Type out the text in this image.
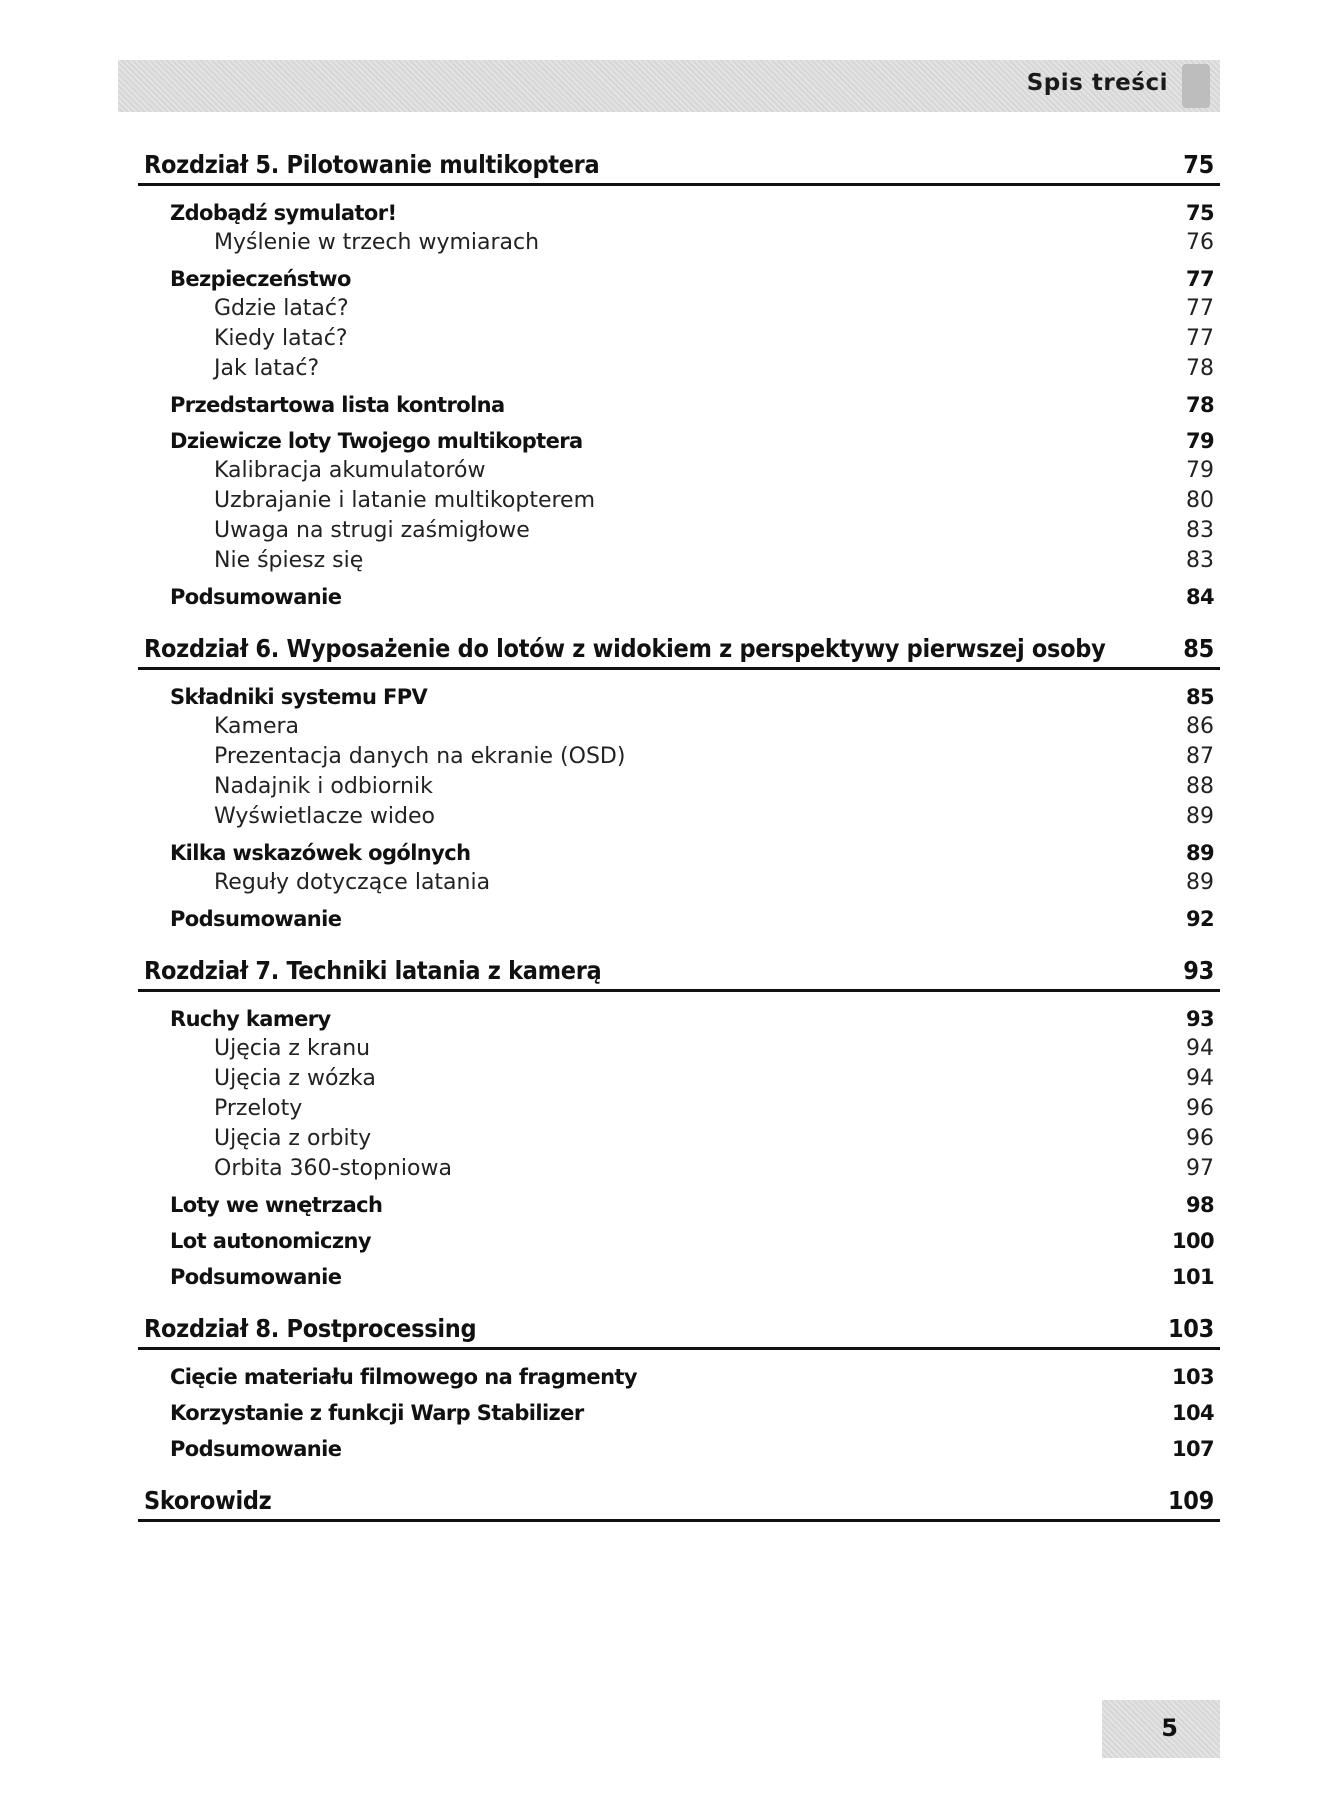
Spis treści
Rozdział 5. Pilotowanie multikoptera	75
Zdobądź symulator!	75
Myślenie w trzech wymiarach	76
Bezpieczeństwo	77
Gdzie latać?	77
Kiedy latać?	77
Jak latać?	78
Przedstartowa lista kontrolna	78
Dziewicze loty Twojego multikoptera	79
Kalibracja akumulatorów	79
Uzbrajanie i latanie multikopterem	80
Uwaga na strugi zaśmigłowe	83
Nie śpiesz się	83
Podsumowanie	84
Rozdział 6. Wyposażenie do lotów z widokiem z perspektywy pierwszej osoby	85
Składniki systemu FPV	85
Kamera	86
Prezentacja danych na ekranie (OSD)	87
Nadajnik i odbiornik	88
Wyświetlacze wideo	89
Kilka wskazówek ogólnych	89
Reguły dotyczące latania	89
Podsumowanie	92
Rozdział 7. Techniki latania z kamerą	93
Ruchy kamery	93
Ujęcia z kranu	94
Ujęcia z wózka	94
Przeloty	96
Ujęcia z orbity	96
Orbita 360-stopniowa	97
Loty we wnętrzach	98
Lot autonomiczny	100
Podsumowanie	101
Rozdział 8. Postprocessing	103
Cięcie materiału filmowego na fragmenty	103
Korzystanie z funkcji Warp Stabilizer	104
Podsumowanie	107
Skorowidz	109
5
